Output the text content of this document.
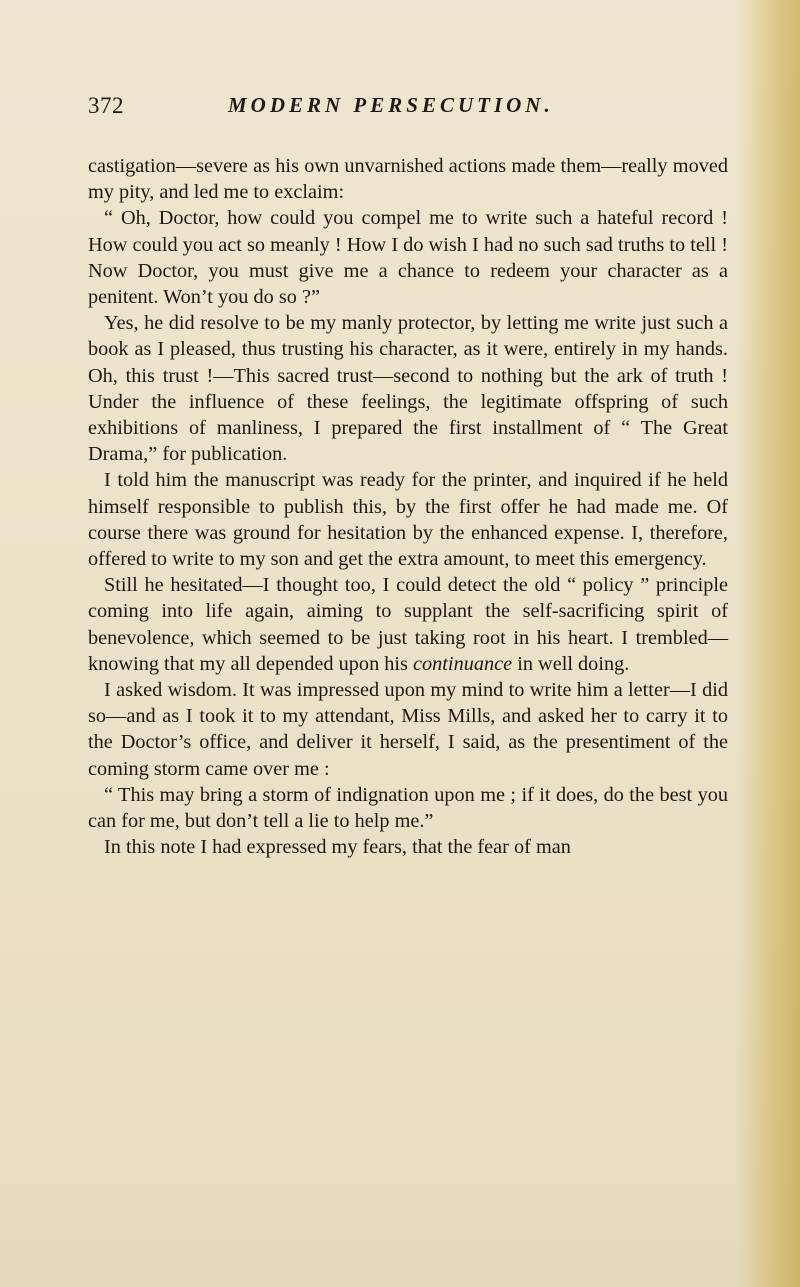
372	MODERN PERSECUTION.

castigation—severe as his own unvarnished actions made them—really moved my pity, and led me to exclaim:

“ Oh, Doctor, how could you compel me to write such a hateful record ! How could you act so meanly ! How I do wish I had no such sad truths to tell ! Now Doctor, you must give me a chance to redeem your character as a penitent. Won’t you do so ?”

Yes, he did resolve to be my manly protector, by letting me write just such a book as I pleased, thus trusting his character, as it were, entirely in my hands. Oh, this trust !—This sacred trust—second to nothing but the ark of truth ! Under the influence of these feelings, the legitimate offspring of such exhibitions of manliness, I prepared the first installment of “ The Great Drama,” for publication.

I told him the manuscript was ready for the printer, and inquired if he held himself responsible to publish this, by the first offer he had made me. Of course there was ground for hesitation by the enhanced expense. I, therefore, offered to write to my son and get the extra amount, to meet this emergency.

Still he hesitated—I thought too, I could detect the old “ policy ” principle coming into life again, aiming to supplant the self-sacrificing spirit of benevolence, which seemed to be just taking root in his heart. I trembled—knowing that my all depended upon his continuance in well doing.

I asked wisdom. It was impressed upon my mind to write him a letter—I did so—and as I took it to my attendant, Miss Mills, and asked her to carry it to the Doctor’s office, and deliver it herself, I said, as the presentiment of the coming storm came over me :

“ This may bring a storm of indignation upon me ; if it does, do the best you can for me, but don’t tell a lie to help me.”

In this note I had expressed my fears, that the fear of man
